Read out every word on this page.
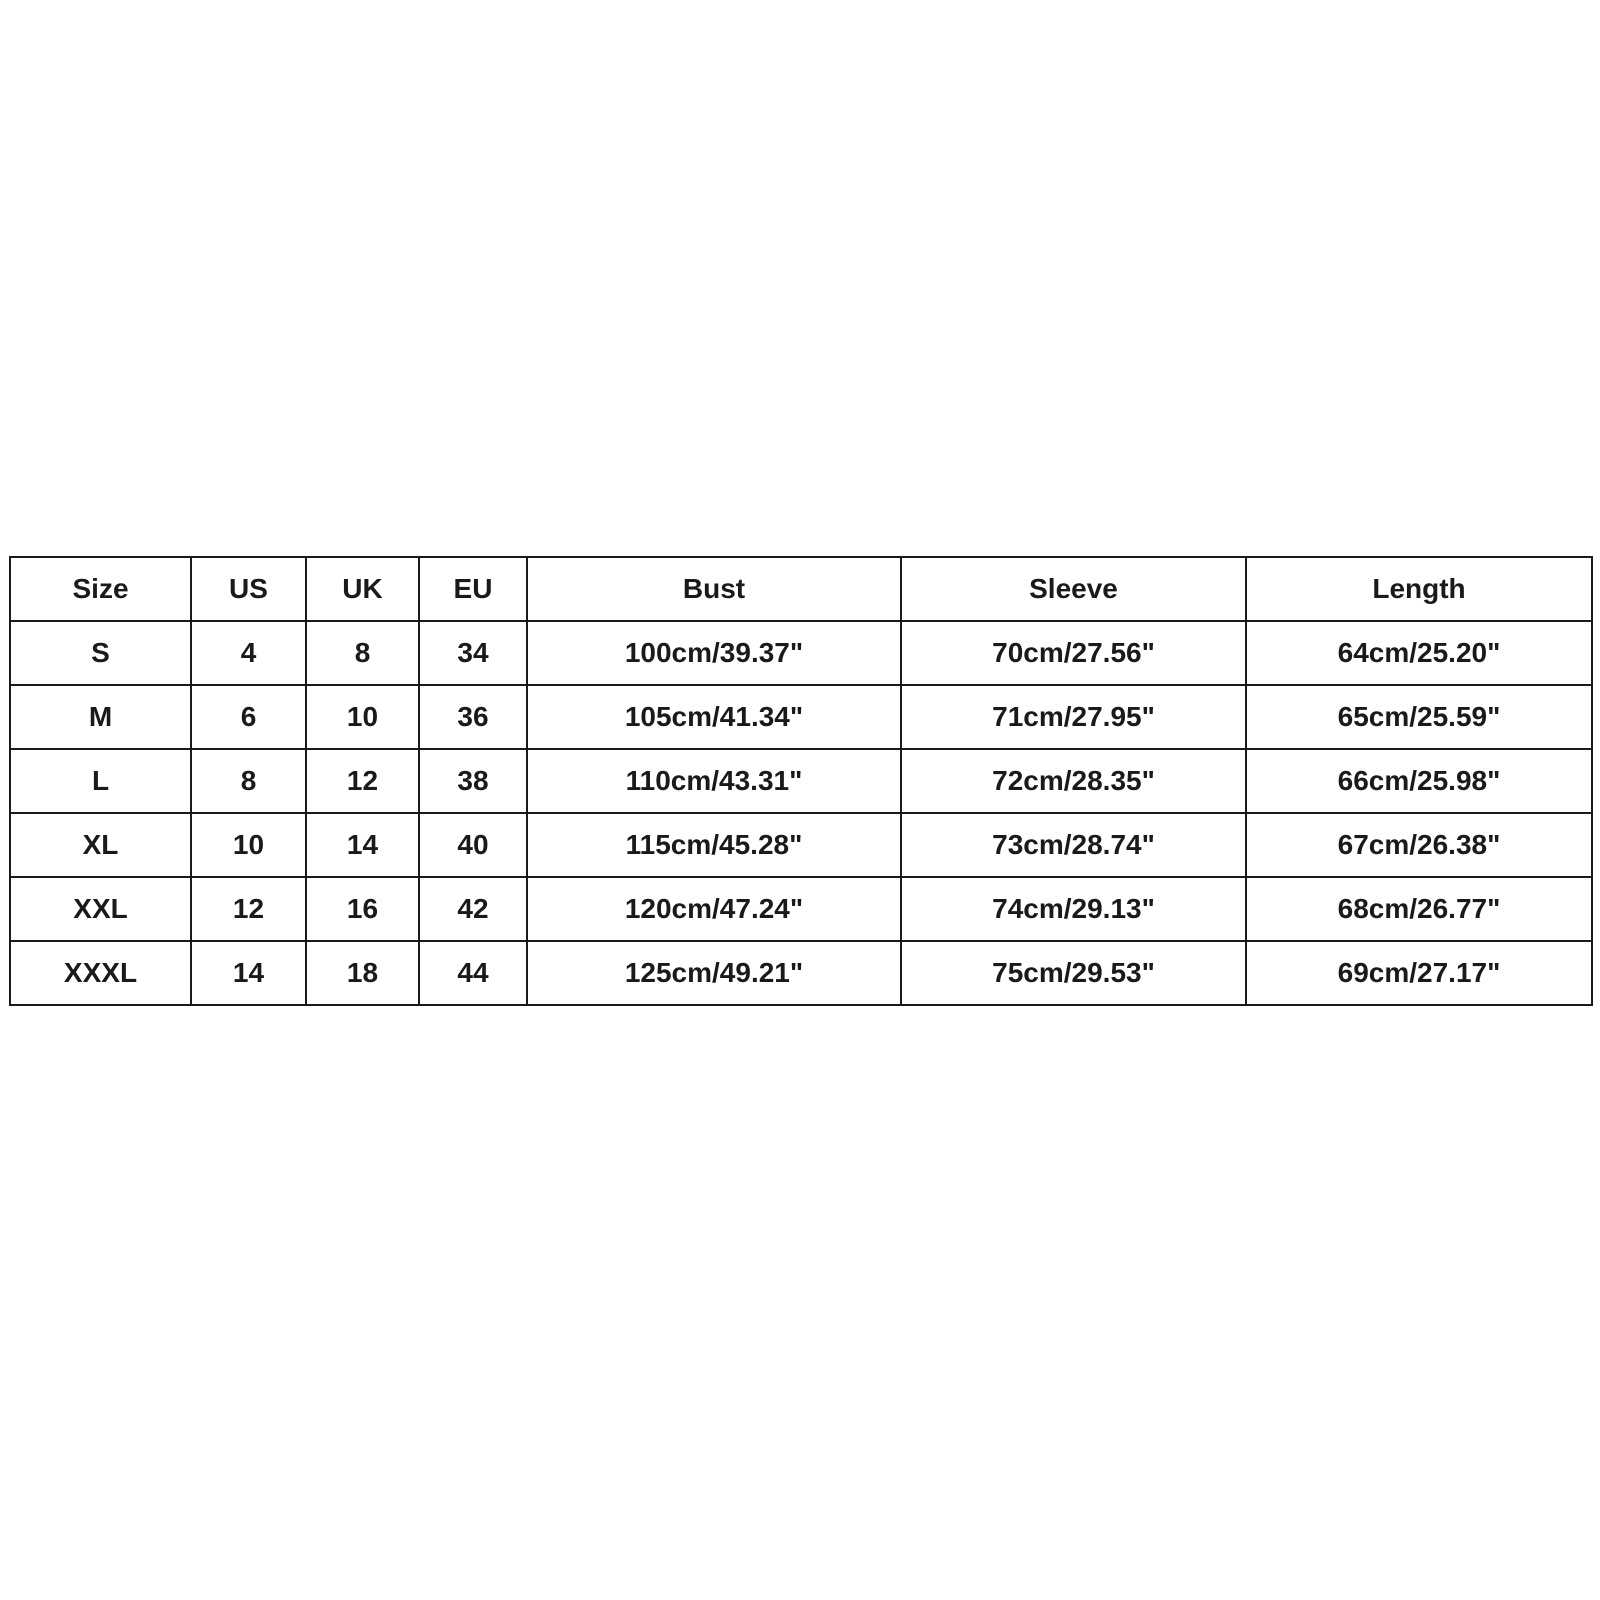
Size	US	UK	EU	Bust	Sleeve	Length
S	4	8	34	100cm/39.37"	70cm/27.56"	64cm/25.20"
M	6	10	36	105cm/41.34"	71cm/27.95"	65cm/25.59"
L	8	12	38	110cm/43.31"	72cm/28.35"	66cm/25.98"
XL	10	14	40	115cm/45.28"	73cm/28.74"	67cm/26.38"
XXL	12	16	42	120cm/47.24"	74cm/29.13"	68cm/26.77"
XXXL	14	18	44	125cm/49.21"	75cm/29.53"	69cm/27.17"
